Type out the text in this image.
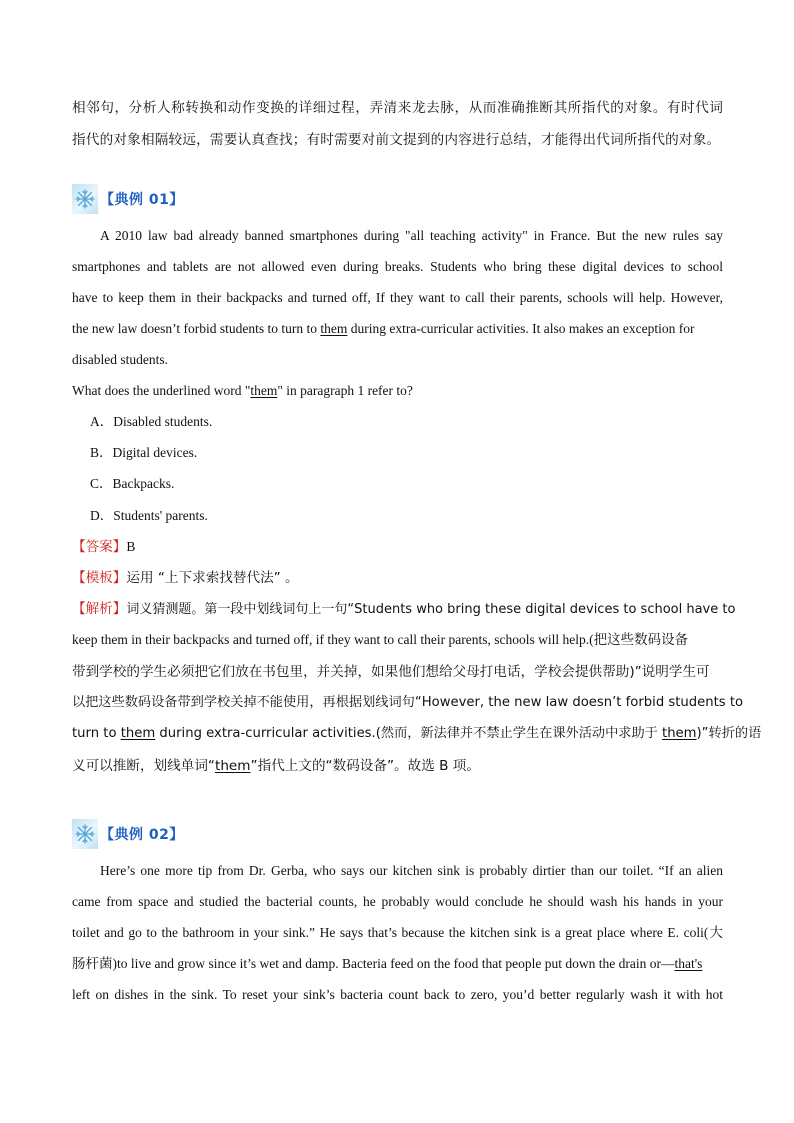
相邻句，分析人称转换和动作变换的详细过程，弄清来龙去脉，从而准确推断其所指代的对象。有时代词
指代的对象相隔较远，需要认真查找；有时需要对前文提到的内容进行总结，才能得出代词所指代的对象。
【典例 01】
A 2010 law bad already banned smartphones during "all teaching activity" in France. But the new rules say
smartphones and tablets are not allowed even during breaks. Students who bring these digital devices to school
have to keep them in their backpacks and turned off, If they want to call their parents, schools will help. However,
the new law doesn’t forbid students to turn to them during extra-curricular activities. It also makes an exception for
disabled students.
What does the underlined word "them" in paragraph 1 refer to?
A．Disabled students.
B．Digital devices.
C．Backpacks.
D．Students' parents.
【答案】B
【模板】运用 “上下求索找替代法” 。
【解析】词义猜测题。第一段中划线词句上一句“Students who bring these digital devices to school have to
keep them in their backpacks and turned off, if they want to call their parents, schools will help.(把这些数码设备
带到学校的学生必须把它们放在书包里，并关掉，如果他们想给父母打电话，学校会提供帮助)”说明学生可
以把这些数码设备带到学校关掉不能使用，再根据划线词句“However, the new law doesn’t forbid students to
turn to them during extra-curricular activities.(然而，新法律并不禁止学生在课外活动中求助于 them)”转折的语
义可以推断，划线单词“them”指代上文的“数码设备”。故选 B 项。
【典例 02】
Here’s one more tip from Dr. Gerba, who says our kitchen sink is probably dirtier than our toilet. “If an alien
came from space and studied the bacterial counts, he probably would conclude he should wash his hands in your
toilet and go to the bathroom in your sink.” He says that’s because the kitchen sink is a great place where E. coli(大
肠杆菌)to live and grow since it’s wet and damp. Bacteria feed on the food that people put down the drain or—that's
left on dishes in the sink. To reset your sink’s bacteria count back to zero, you’d better regularly wash it with hot
